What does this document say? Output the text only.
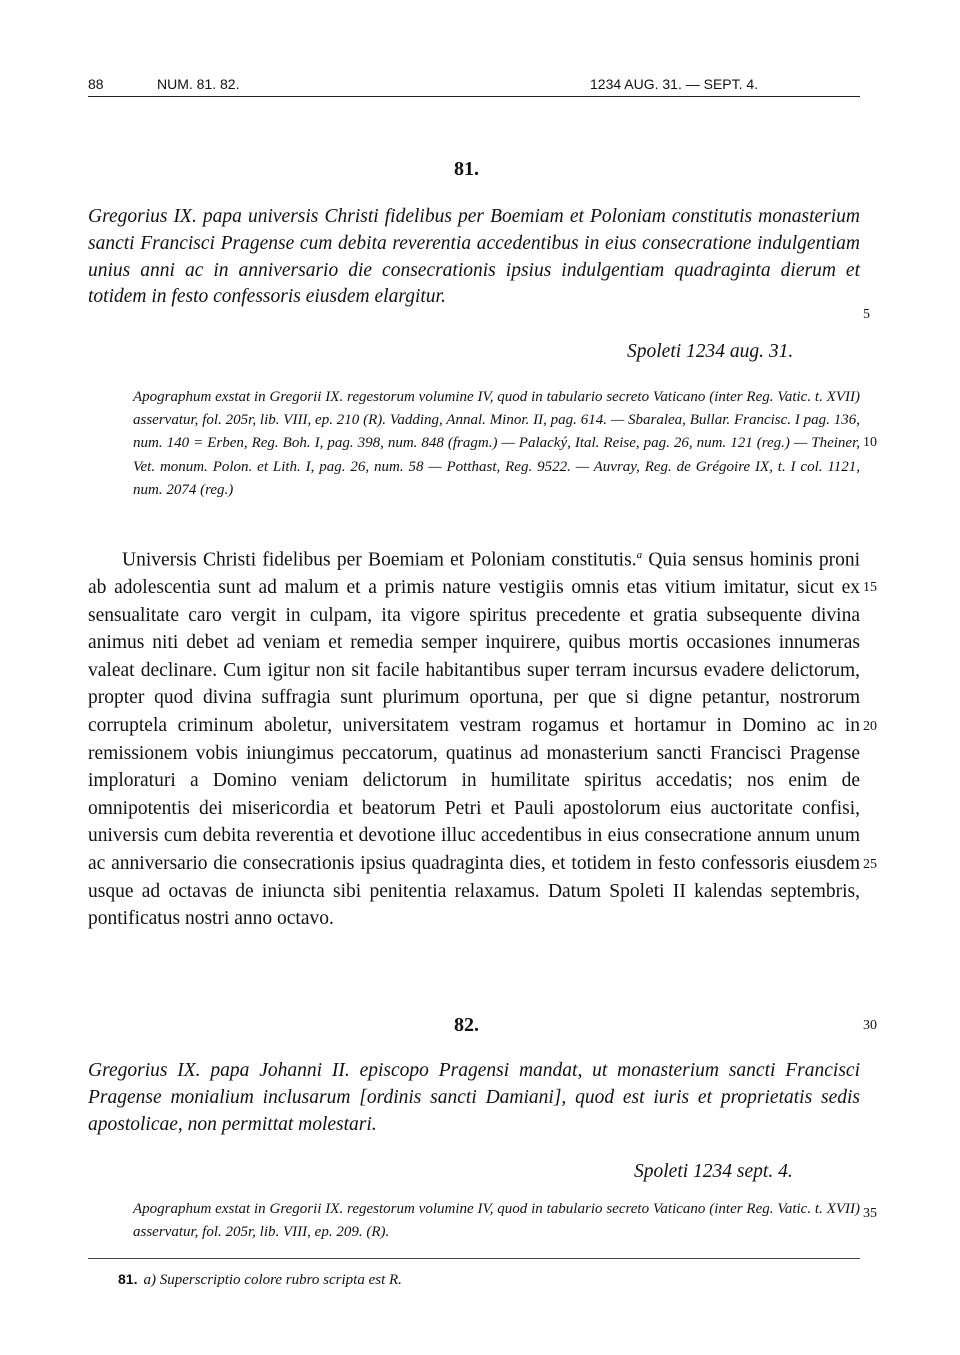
88	NUM. 81. 82.	1234 AUG. 31. — SEPT. 4.
81.

Gregorius IX. papa universis Christi fidelibus per Boemiam et Poloniam constitutis monasterium sancti Francisci Pragense cum debita reverentia accedentibus in eius consecratione indulgentiam unius anni ac in anniversario die consecrationis ipsius indulgentiam quadraginta dierum et totidem in festo confessoris eiusdem elargitur.

Spoleti 1234 aug. 31.

Apographum exstat in Gregorii IX. regestorum volumine IV, quod in tabulario secreto Vaticano (inter Reg. Vatic. t. XVII) asservatur, fol. 205r, lib. VIII, ep. 210 (R). Vadding, Annal. Minor. II, pag. 614. — Sbaralea, Bullar. Francisc. I pag. 136, num. 140 = Erben, Reg. Boh. I, pag. 398, num. 848 (fragm.) — Palacký, Ital. Reise, pag. 26, num. 121 (reg.) — Theiner, Vet. monum. Polon. et Lith. I, pag. 26, num. 58 — Potthast, Reg. 9522. — Auvray, Reg. de Grégoire IX, t. I col. 1121, num. 2074 (reg.)

Universis Christi fidelibus per Boemiam et Poloniam constitutis.$^a$ Quia sensus hominis proni ab adolescentia sunt ad malum et a primis nature vestigiis omnis etas vitium imitatur, sicut ex sensualitate caro vergit in culpam, ita vigore spiritus precedente et gratia subsequente divina animus niti debet ad veniam et remedia semper inquirere, quibus mortis occasiones innumeras valeat declinare. Cum igitur non sit facile habitantibus super terram incursus evadere delictorum, propter quod divina suffragia sunt plurimum oportuna, per que si digne petantur, nostrorum corruptela criminum aboletur, universitatem vestram rogamus et hortamur in Domino ac in remissionem vobis iniungimus peccatorum, quatinus ad monasterium sancti Francisci Pragense imploraturi a Domino veniam delictorum in humilitate spiritus accedatis; nos enim de omnipotentis dei misericordia et beatorum Petri et Pauli apostolorum eius auctoritate confisi, universis cum debita reverentia et devotione illuc accedentibus in eius consecratione annum unum ac anniversario die consecrationis ipsius quadraginta dies, et totidem in festo confessoris eiusdem usque ad octavas de iniuncta sibi penitentia relaxamus. Datum Spoleti II kalendas septembris, pontificatus nostri anno octavo.

82.

Gregorius IX. papa Johanni II. episcopo Pragensi mandat, ut monasterium sancti Francisci Pragense monialium inclusarum [ordinis sancti Damiani], quod est iuris et proprietatis sedis apostolicae, non permittat molestari.

Spoleti 1234 sept. 4.

Apographum exstat in Gregorii IX. regestorum volumine IV, quod in tabulario secreto Vaticano (inter Reg. Vatic. t. XVII) asservatur, fol. 205r, lib. VIII, ep. 209. (R).

5
10
15
20
25
30
35
81. a) Superscriptio colore rubro scripta est R.
